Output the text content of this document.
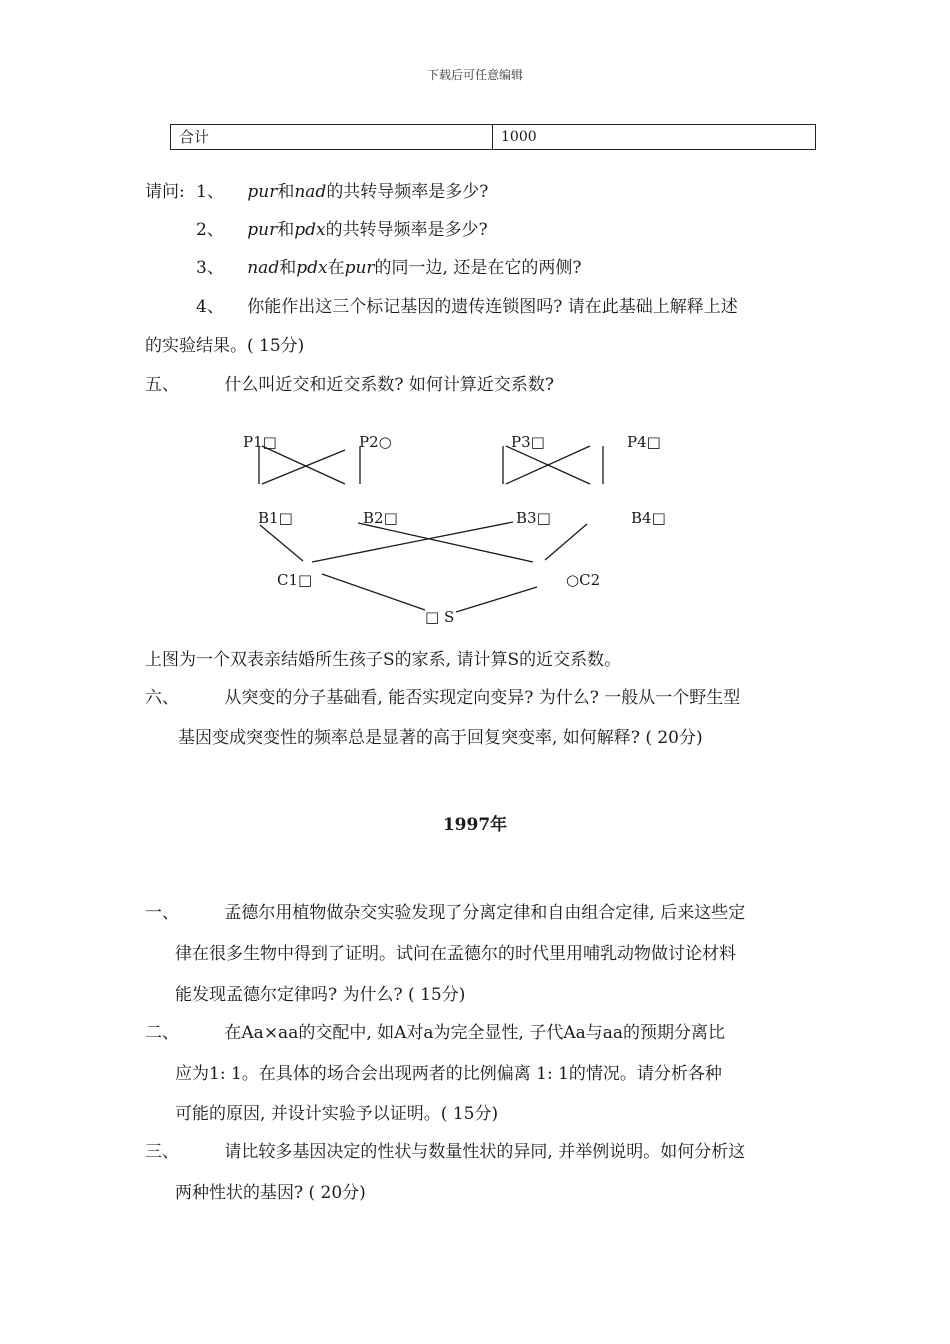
下载后可任意编辑
合计	1000
请问: 1、 pur和nad的共转导频率是多少?
2、 pur和pdx的共转导频率是多少?
3、 nad和pdx在pur的同一边, 还是在它的两侧?
4、 你能作出这三个标记基因的遗传连锁图吗? 请在此基础上解释上述
的实验结果。( 15分)
五、	什么叫近交和近交系数? 如何计算近交系数?
P1□	P2○	P3□	P4□
B1□	B2□	B3□	B4□
C1□	○C2
□ S
上图为一个双表亲结婚所生孩子S的家系, 请计算S的近交系数。
六、	从突变的分子基础看, 能否实现定向变异? 为什么? 一般从一个野生型
基因变成突变性的频率总是显著的高于回复突变率, 如何解释? ( 20分)
1997年
一、	孟德尔用植物做杂交实验发现了分离定律和自由组合定律, 后来这些定
律在很多生物中得到了证明。试问在孟德尔的时代里用哺乳动物做讨论材料
能发现孟德尔定律吗? 为什么? ( 15分)
二、	在Aa×aa的交配中, 如A对a为完全显性, 子代Aa与aa的预期分离比
应为1: 1。在具体的场合会出现两者的比例偏离 1: 1的情况。请分析各种
可能的原因, 并设计实验予以证明。( 15分)
三、	请比较多基因决定的性状与数量性状的异同, 并举例说明。如何分析这
两种性状的基因? ( 20分)
